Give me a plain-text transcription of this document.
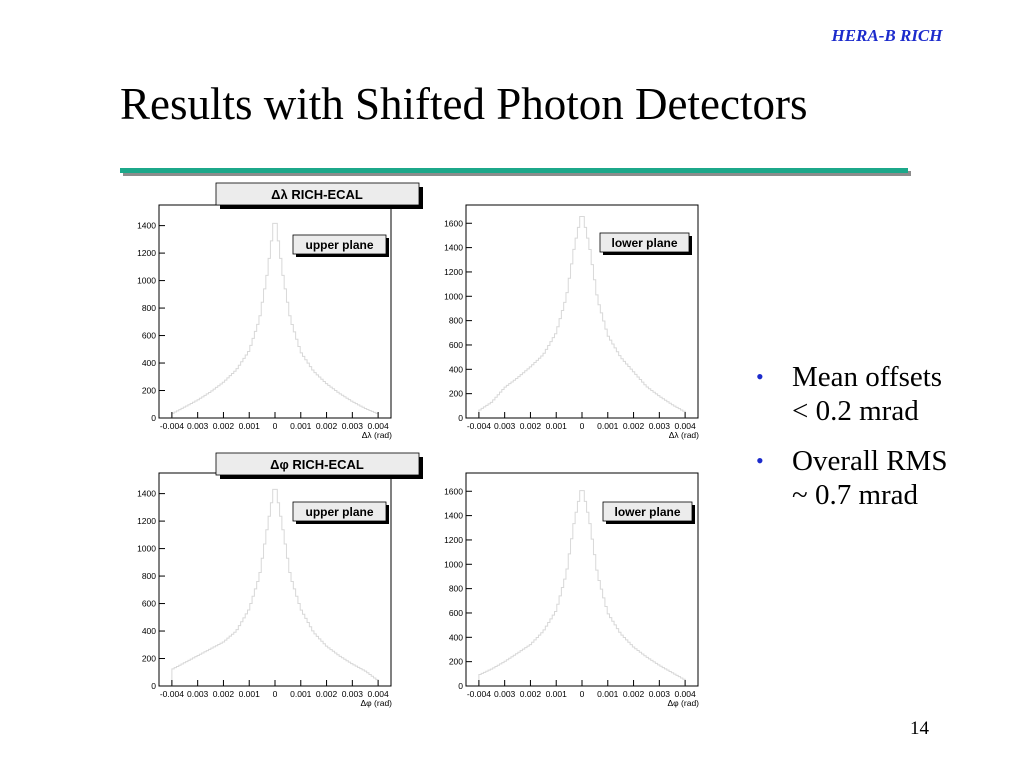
HERA-B RICH
Results with Shifted Photon Detectors
0
200
400
600
800
1000
1200
1400
-0.004 0.003 0.002 0.001 0 0.001 0.002 0.003 0.004
Δλ (rad)
upper plane
Δλ RICH-ECAL
0
200
400
600
800
1000
1200
1400
1600
-0.004 0.003 0.002 0.001 0 0.001 0.002 0.003 0.004
Δλ (rad)
lower plane
0
200
400
600
800
1000
1200
1400
-0.004 0.003 0.002 0.001 0 0.001 0.002 0.003 0.004
Δφ (rad)
upper plane
Δφ RICH-ECAL
0
200
400
600
800
1000
1200
1400
1600
-0.004 0.003 0.002 0.001 0 0.001 0.002 0.003 0.004
Δφ (rad)
lower plane
• Mean offsets
< 0.2 mrad
• Overall RMS
~ 0.7 mrad
14
